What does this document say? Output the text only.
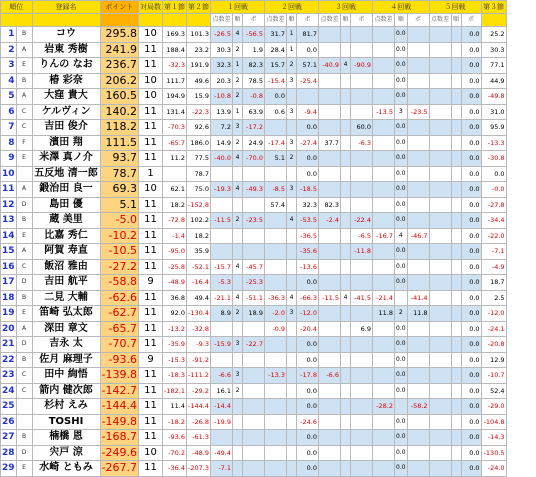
順位		登録名	ポイント	対局数	第１節	第２節	１回戦			２回戦			３回戦			４回戦			５回戦			第３節
							点数差	順	ポ	点数差	順	ポ	点数差	順	ポ	点数差	順	ポ	点数差	順	ポ	
1	B	コウ	295.8	10	169.3	101.3	-26.5	4	-56.5	31.7	1	81.7					0.0				0.0	25.2
2	A	岩東 秀樹	241.9	11	188.4	23.2	30.3	2	1.9	28.4	1	0.0					0.0				0.0	30.3
3	E	りんの なお	236.7	11	-32.3	191.9	32.3	1	82.3	15.7	2	57.1	-40.9	4	-90.9		0.0				0.0	77.1
4	B	椿 彩奈	206.2	10	111.7	49.6	20.3	2	78.5	-15.4	3	-25.4					0.0				0.0	44.9
5	A	大窪 貴大	160.5	10	194.9	15.9	-10.8	2	-0.8	0.0							0.0				0.0	-49.8
6	C	ケルヴィン	140.2	11	131.4	-22.3	13.9	1	63.9	0.6	3	-9.4				-13.5	3	-23.5			0.0	31.0
7	C	吉田 俊介	118.2	11	-70.3	92.6	7.2	3	-17.2			0.0			60.0		0.0				0.0	95.9
8	F	濱田 翔	111.5	11	-65.7	186.0	14.9	2	24.9	-17.4	3	-27.4	37.7		-6.3		0.0				0.0	-13.3
9	E	米澤 真ノ介	93.7	11	11.2	77.5	-40.0	4	-70.0	5.1	2	0.0					0.0				0.0	-30.8
10		五反地 清一郎	78.7	1		78.7						0.0					0.0				0.0	0.0
11	A	鍛治田 良一	69.3	10	62.1	75.0	-19.3	4	-49.3	-8.5	3	-18.5					0.0				0.0	-0.0
12	D	島田 優	5.1	11	18.2	-152.8				57.4		32.3	82.3				0.0				0.0	-27.8
13	B	蔵 美里	-5.0	11	-72.8	102.2	-11.5	2	-23.5		4	-53.5	-2.4		-22.4		0.0				0.0	-34.4
14	E	比嘉 秀仁	-10.2	11	-1.4	18.2						-36.5			-6.5	-16.7	4	-46.7			0.0	-22.0
15	A	阿賀 寿直	-10.5	11	-95.0	35.9						-35.6			-11.8		0.0				0.0	-7.1
16	C	飯沼 雅由	-27.2	11	-25.8	-52.1	-15.7	4	-45.7			-13.6					0.0				0.0	-4.9
17	D	吉田 航平	-58.8	9	-48.9	-16.4	-5.3		-25.3			0.0					0.0				0.0	18.7
18	B	二見 大輔	-62.6	11	36.8	49.4	-21.1	4	-51.1	-36.3	4	-66.3	-11.5	4	-41.5	-21.4		-41.4			0.0	2.5
19	E	笛崎 弘太郎	-62.7	11	92.0	-130.4	8.9	2	18.9	-2.0	3	-12.0				11.8	2	11.8			0.0	-12.0
20	A	深田 章文	-65.7	11	-13.2	-32.8				-0.9		-20.4			6.9		0.0				0.0	-24.1
21	D	吉永 太	-70.7	11	-35.9	-9.3	-15.9	3	-22.7			0.0					0.0				0.0	-20.8
22	B	佐月 麻理子	-93.6	9	-15.3	-91.2						0.0					0.0				0.0	12.9
23	C	田中 絢悟	-139.8	11	-18.3	-111.2	-6.6	3		-13.3		-17.8	-6.6				0.0				0.0	-10.7
24	C	箭内 健次郎	-142.7	11	-182.1	-29.2	16.1	2				0.0					0.0				0.0	52.4
25		杉村 えみ	-144.4	11	11.4	-144.4	-14.4					0.0				-28.2		-58.2			0.0	-29.0
26		TOSHI	-149.8	11	-18.2	-26.8	-19.9					-24.6					0.0				0.0	-104.8
27	B	楠橋 恩	-168.7	11	-93.6	-61.3						0.0					0.0				0.0	-14.3
28	D	宍戸 涼	-249.6	10	-70.2	-48.9	-49.4					0.0					0.0				0.0	-130.5
29	E	水崎 ともみ	-267.7	11	-36.4	-207.3	-7.1					0.0					0.0				0.0	-24.0
